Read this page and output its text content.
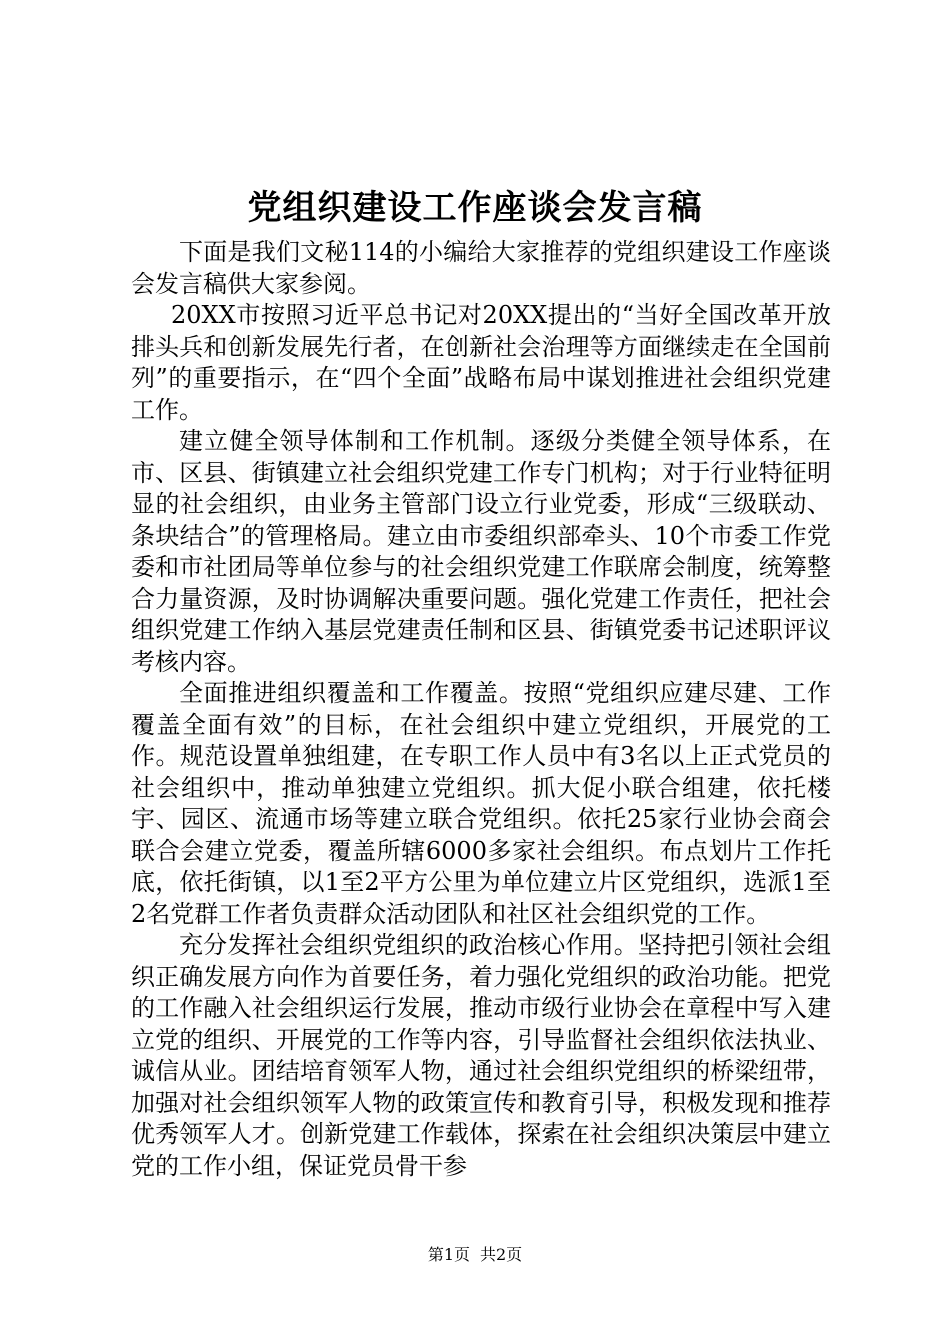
党组织建设工作座谈会发言稿

下面是我们文秘114的小编给大家推荐的党组织建设工作座谈会发言稿供大家参阅。

20XX市按照习近平总书记对20XX提出的“当好全国改革开放排头兵和创新发展先行者，在创新社会治理等方面继续走在全国前列”的重要指示，在“四个全面”战略布局中谋划推进社会组织党建工作。

建立健全领导体制和工作机制。逐级分类健全领导体系，在市、区县、街镇建立社会组织党建工作专门机构；对于行业特征明显的社会组织，由业务主管部门设立行业党委，形成“三级联动、条块结合”的管理格局。建立由市委组织部牵头、10个市委工作党委和市社团局等单位参与的社会组织党建工作联席会制度，统筹整合力量资源，及时协调解决重要问题。强化党建工作责任，把社会组织党建工作纳入基层党建责任制和区县、街镇党委书记述职评议考核内容。

全面推进组织覆盖和工作覆盖。按照“党组织应建尽建、工作覆盖全面有效”的目标，在社会组织中建立党组织，开展党的工作。规范设置单独组建，在专职工作人员中有3名以上正式党员的社会组织中，推动单独建立党组织。抓大促小联合组建，依托楼宇、园区、流通市场等建立联合党组织。依托25家行业协会商会联合会建立党委，覆盖所辖6000多家社会组织。布点划片工作托底，依托街镇，以1至2平方公里为单位建立片区党组织，选派1至2名党群工作者负责群众活动团队和社区社会组织党的工作。

充分发挥社会组织党组织的政治核心作用。坚持把引领社会组织正确发展方向作为首要任务，着力强化党组织的政治功能。把党的工作融入社会组织运行发展，推动市级行业协会在章程中写入建立党的组织、开展党的工作等内容，引导监督社会组织依法执业、诚信从业。团结培育领军人物，通过社会组织党组织的桥梁纽带，加强对社会组织领军人物的政策宣传和教育引导，积极发现和推荐优秀领军人才。创新党建工作载体，探索在社会组织决策层中建立党的工作小组，保证党员骨干参

第1页 共2页
